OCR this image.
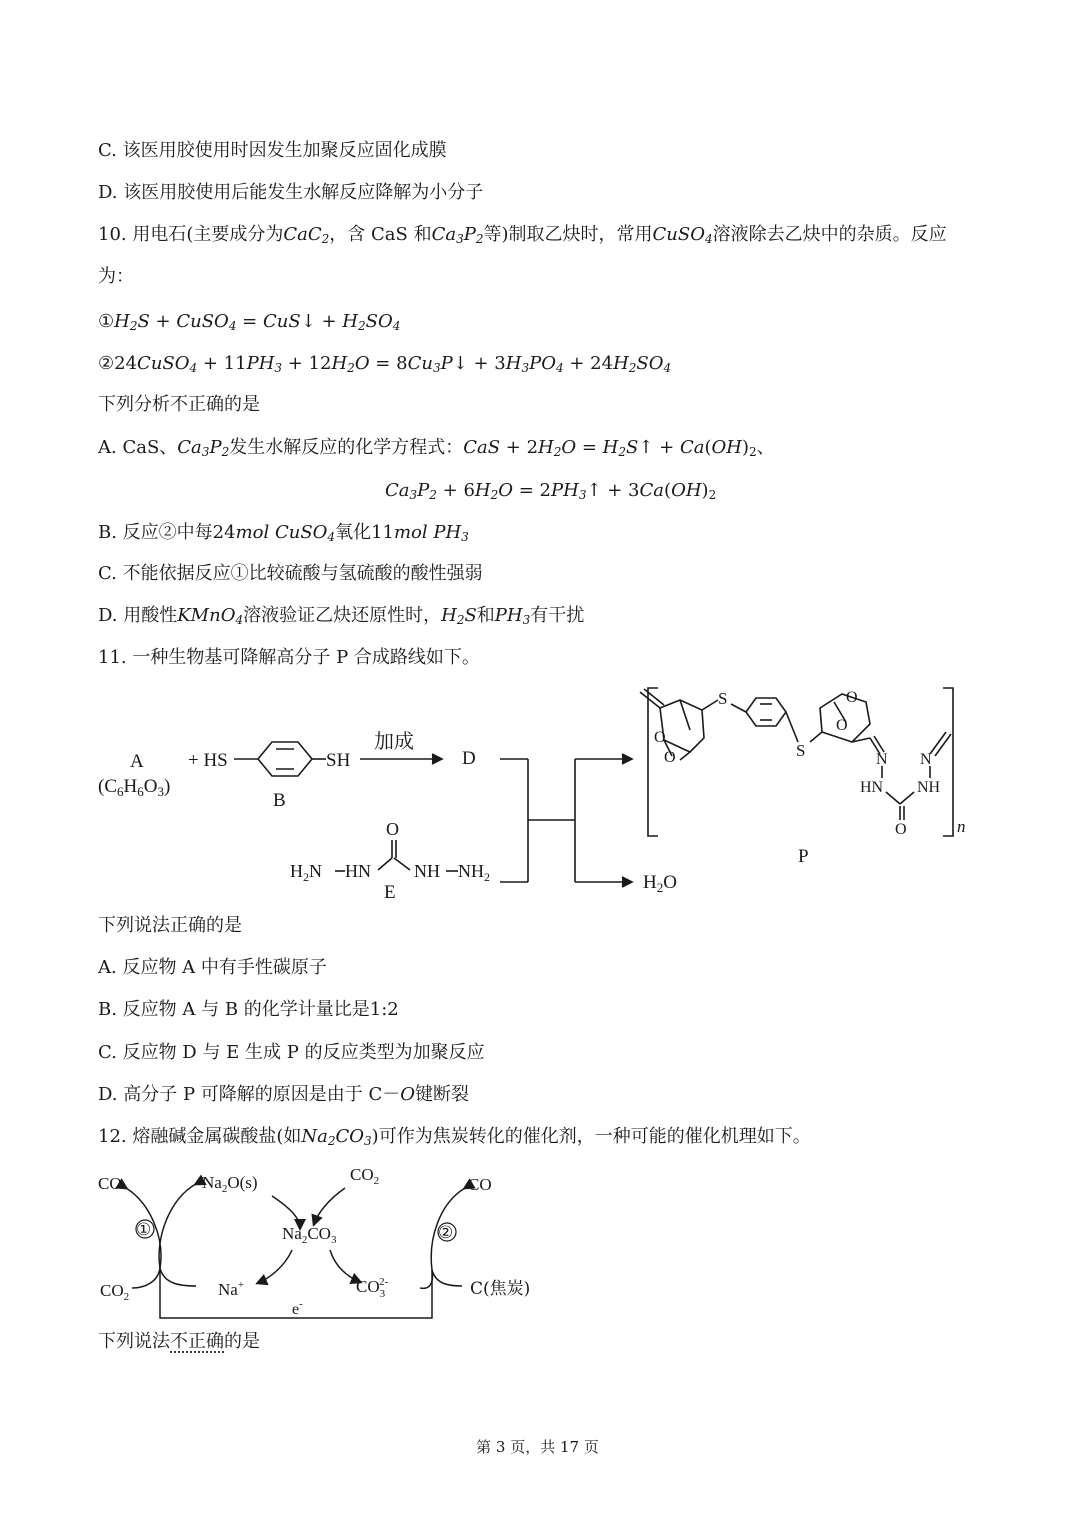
C. 该医用胶使用时因发生加聚反应固化成膜
D. 该医用胶使用后能发生水解反应降解为小分子
10. 用电石(主要成分为CaC$_2$，含 CaS 和$Ca_3P_2$等)制取乙炔时，常用CuSO$_4$溶液除去乙炔中的杂质。反应
为：
$①H_2S$ + CuSO$_4$ = CuS↓ + $H_2SO_4$
②24CuSO$_4$ + $11PH_3 + 12H_2O$ = $8Cu_3P↓ + 3H_3PO_4 + 24H_2SO_4$
下列分析不正确的是
A. CaS、$Ca_3P_2$发生水解反应的化学方程式：CaS + $2H_2O$ = $H_2S↑ + Ca(OH)_2$、
$Ca_3P_2 + 6H_2O$ = $2PH_3↑ + 3Ca(OH)_2$
B. 反应②中每24mol CuSO$_4$氧化11mol $PH_3$
C. 不能依据反应①比较硫酸与氢硫酸的酸性强弱
D. 用酸性KMnO$_4$溶液验证乙炔还原性时，$H_2S$和$PH_3$有干扰
11. 一种生物基可降解高分子 P 合成路线如下。
A
$(C_6H_6O_3)$
+ HS	SH
B
加成
D
O
$H_2N$ HN NH $NH_2$
E	$H_2O$
S
S
O
O
O
O
N
HN
O
NH
N
n
P
下列说法正确的是
A. 反应物 A 中有手性碳原子
B. 反应物 A 与 B 的化学计量比是1:2
C. 反应物 D 与 E 生成 P 的反应类型为加聚反应
D. 高分子 P 可降解的原因是由于 C－O键断裂
12. 熔融碱金属碳酸盐(如$Na_2CO_3$)可作为焦炭转化的催化剂，一种可能的催化机理如下。
①	②
CO
$CO_2$
$Na_2O(s)$	$CO_2$
$Na_2CO_3$
Na+	$CO_32-$
CO
C(焦炭)
e-
下列说法不正确的是
第 3 页，共 17 页
